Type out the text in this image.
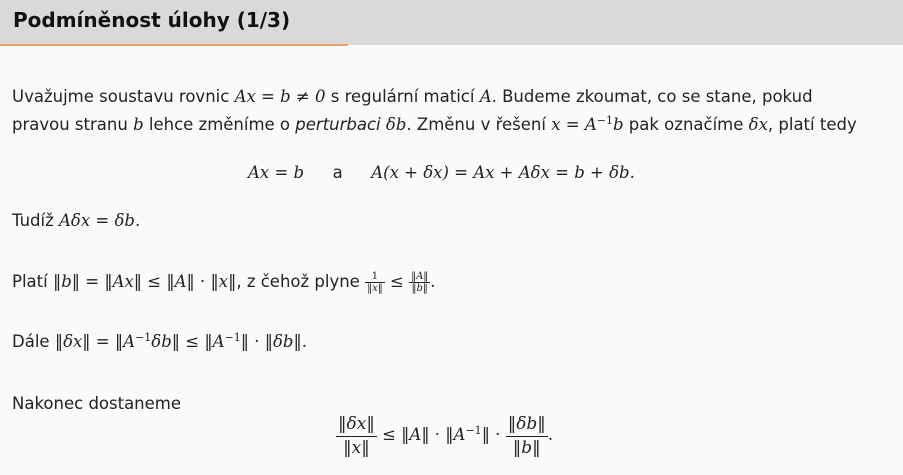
Podmíněnost úlohy (1/3)
Uvažujme soustavu rovnic Ax = b ≠ 0 s regulární maticí A. Budeme zkoumat, co se stane, pokud
pravou stranu b lehce změníme o perturbaci δb. Změnu v řešení $x = A^{-1}b$ pak označíme δx, platí tedy
Ax = b a A(x + δx) = Ax + Aδx = b + δb.
Tudíž Aδx = δb.
Platí ‖b‖ = ‖Ax‖ ≤ ‖A‖ · ‖x‖, z čehož plyne $\frac{1}{‖x‖} \le \frac{‖A‖}{‖b‖}$ .
Dále ‖δx‖ = $‖A^{-1}\delta b‖$ ≤ $‖A^{-1}‖$ · ‖δb‖.
Nakonec dostaneme
$\frac{‖\delta x‖}{‖x‖}$ ≤ ‖A‖ · $‖A^{-1}‖ \cdot \frac{‖\delta b‖}{‖b‖}$ .
